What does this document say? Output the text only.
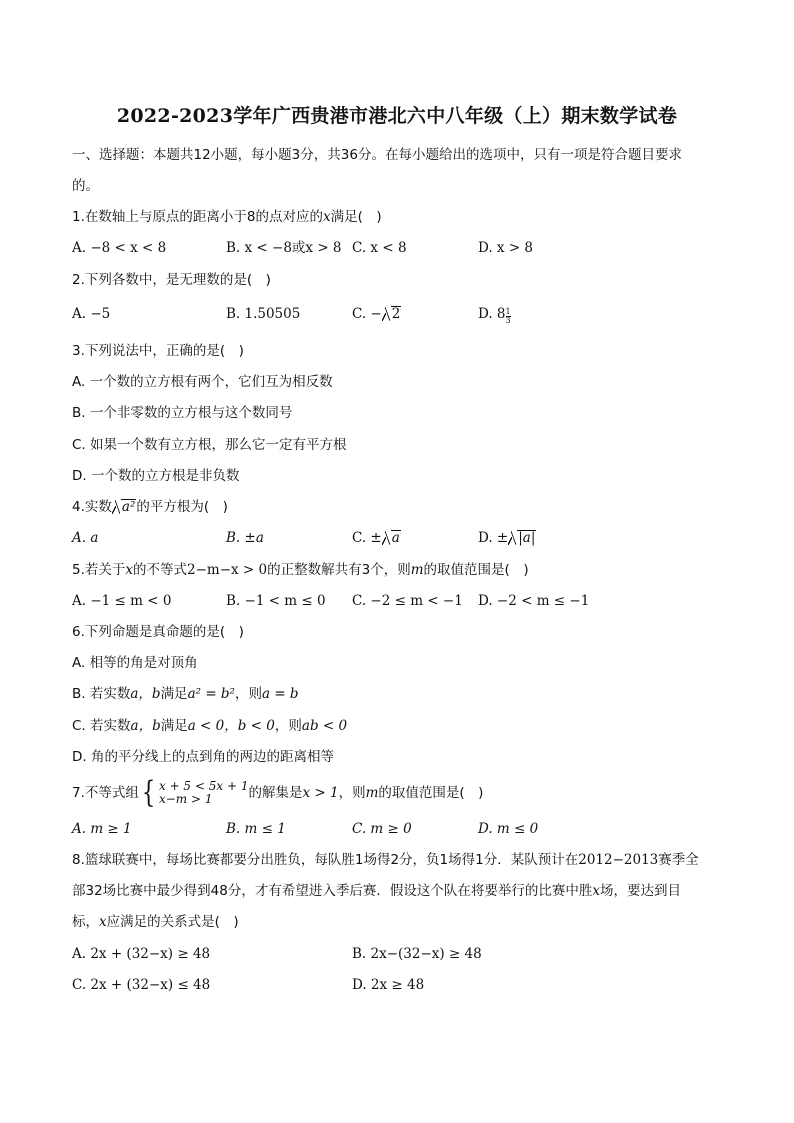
2022-2023学年广西贵港市港北六中八年级（上）期末数学试卷
一、选择题：本题共12小题，每小题3分，共36分。在每小题给出的选项中，只有一项是符合题目要求
的。
1.在数轴上与原点的距离小于8的点对应的x满足(　)
A. −8 < x < 8	B. x < −8或x > 8 C. x < 8	D. x > 8
2.下列各数中，是无理数的是(　)
A. −5	B. 1.50505	C. − 2	D. $8 \frac{1}{3}$
3.下列说法中，正确的是(　)
A. 一个数的立方根有两个，它们互为相反数
B. 一个非零数的立方根与这个数同号
C. 如果一个数有立方根，那么它一定有平方根
D. 一个数的立方根是非负数
4.实数 a²的平方根为(　)
A. a	B. ±a	C. ± a	D. ± |a|
5.若关于x的不等式2−m−x > 0的正整数解共有3个，则m的取值范围是(　)
A. −1 ≤ m < 0	B. −1 < m ≤ 0 C. −2 ≤ m < −1 D. −2 < m ≤ −1
6.下列命题是真命题的是(　)
A. 相等的角是对顶角
B. 若实数a，b满足a² = b²，则a = b
C. 若实数a，b满足a < 0，b < 0，则ab < 0
D. 角的平分线上的点到角的两边的距离相等
7.不等式组 { x + 5 < 5x + 1
x−m > 1	的解集是x > 1，则m的取值范围是(　)
A. m ≥ 1	B. m ≤ 1	C. m ≥ 0	D. m ≤ 0
8.篮球联赛中，每场比赛都要分出胜负，每队胜1场得2分，负1场得1分．某队预计在2012−2013赛季全
部32场比赛中最少得到48分，才有希望进入季后赛．假设这个队在将要举行的比赛中胜x场，要达到目
标，x应满足的关系式是(　)
A. 2x + (32−x) ≥ 48	B. 2x−(32−x) ≥ 48
C. 2x + (32−x) ≤ 48	D. 2x ≥ 48
